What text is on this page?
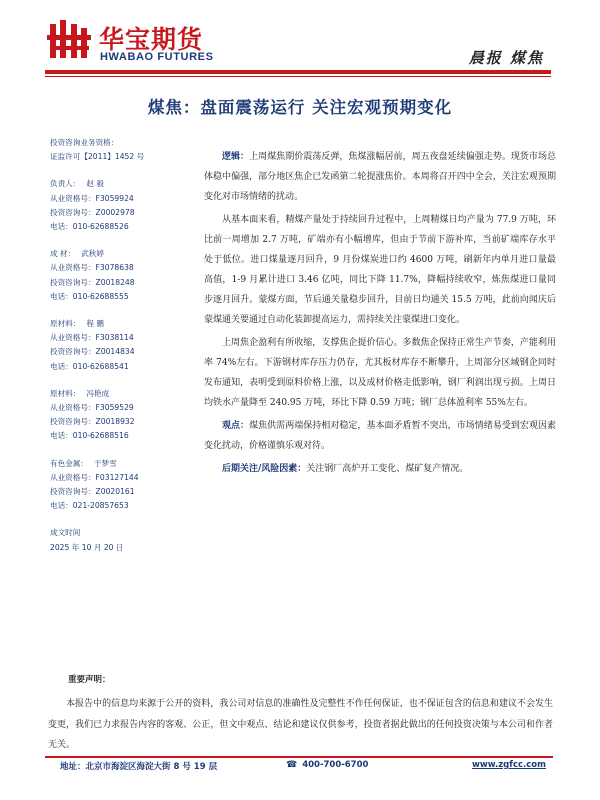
华宝期货
HWABAO FUTURES	晨报 煤焦
煤焦：盘面震荡运行 关注宏观预期变化
投资咨询业务资格：
证监许可【2011】1452 号
负责人： 赵 毅
从业资格号：F3059924
投资咨询号：Z0002978
电话：010-62688526
成 材： 武秋婷
从业资格号：F3078638
投资咨询号：Z0018248
电话：010-62688555
原材料： 程 鹏
从业资格号：F3038114
投资咨询号：Z0014834
电话：010-62688541
原材料： 冯艳成
从业资格号：F3059529
投资咨询号：Z0018932
电话：010-62688516
有色金属： 于梦雪
从业资格号：F03127144
投资咨询号：Z0020161
电话：021-20857653
成文时间
2025 年 10 月 20 日

逻辑：上周煤焦期价震荡反弹，焦煤涨幅居前，周五夜盘延续偏强走势。现货市场总体稳中偏强，部分地区焦企已发函第二轮提涨焦价。本周将召开四中全会，关注宏观预期变化对市场情绪的扰动。

从基本面来看，精煤产量处于持续回升过程中，上周精煤日均产量为 77.9 万吨，环比前一周增加 2.7 万吨，矿端亦有小幅增库，但由于节前下游补库，当前矿端库存水平处于低位。进口煤量逐月回升，9 月份煤炭进口约 4600 万吨，刷新年内单月进口量最高值，1-9 月累计进口 3.46 亿吨，同比下降 11.7%，降幅持续收窄，炼焦煤进口量同步逐月回升。蒙煤方面，节后通关量稳步回升，目前日均通关 15.5 万吨，此前向闻庆后蒙煤通关要通过自动化装卸提高运力，需持续关注蒙煤进口变化。

上周焦企盈利有所收缩，支撑焦企提价信心。多数焦企保持正常生产节奏，产能利用率 74%左右。下游钢材库存压力仍存，尤其板材库存不断攀升，上周部分区域钢企同时发布通知，表明受到原料价格上涨，以及成材价格走低影响，钢厂利润出现亏损。上周日均铁水产量降至 240.95 万吨，环比下降 0.59 万吨；钢厂总体盈利率 55%左右。

观点：煤焦供需两端保持相对稳定，基本面矛盾暂不突出，市场情绪易受到宏观因素变化扰动，价格谨慎乐观对待。

后期关注/风险因素：关注钢厂高炉开工变化、煤矿复产情况。

重要声明：
本报告中的信息均来源于公开的资料，我公司对信息的准确性及完整性不作任何保证，也不保证包含的信息和建议不会发生变更，我们已力求报告内容的客观、公正，但文中观点、结论和建议仅供参考，投资者据此做出的任何投资决策与本公司和作者无关。
地址：北京市海淀区海淀大街 8 号 19 层	☎ 400-700-6700	www.zgfcc.com
